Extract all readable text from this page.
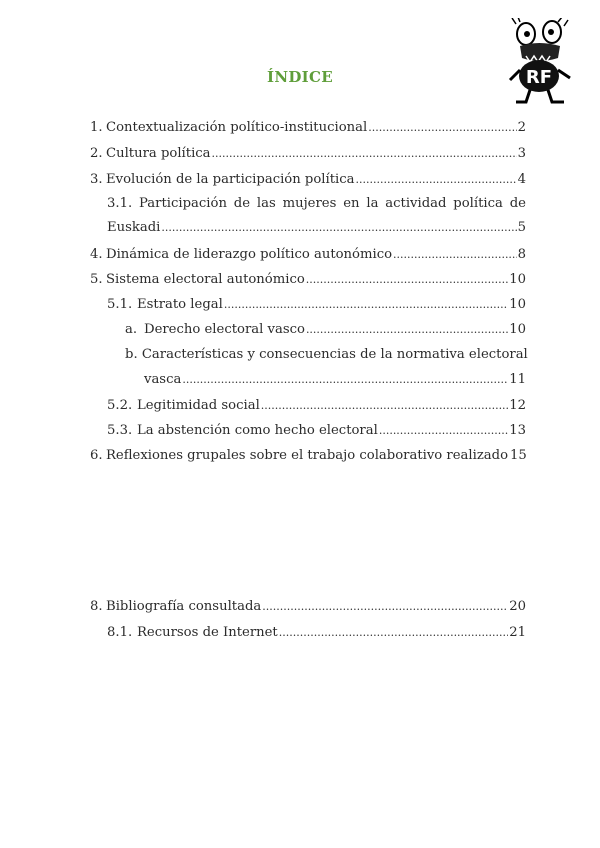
RF
ÍNDICE
1. Contextualización político-institucional .....	2
2. Cultura política .....	3
3. Evolución de la participación política .....	4
3.1. Participación de las mujeres en la actividad política de
Euskadi .....	5
4. Dinámica de liderazgo político autonómico .....	8
5. Sistema electoral autonómico .....	10
5.1. Estrato legal .....	10
a. Derecho electoral vasco .....	10
b. Características y consecuencias de la normativa electoral
vasca .....	11
5.2. Legitimidad social .....	12
5.3. La abstención como hecho electoral .....	13
6. Reflexiones grupales sobre el trabajo colaborativo realizado 15
8. Bibliografía consultada .....	20
8.1. Recursos de Internet .....	21
